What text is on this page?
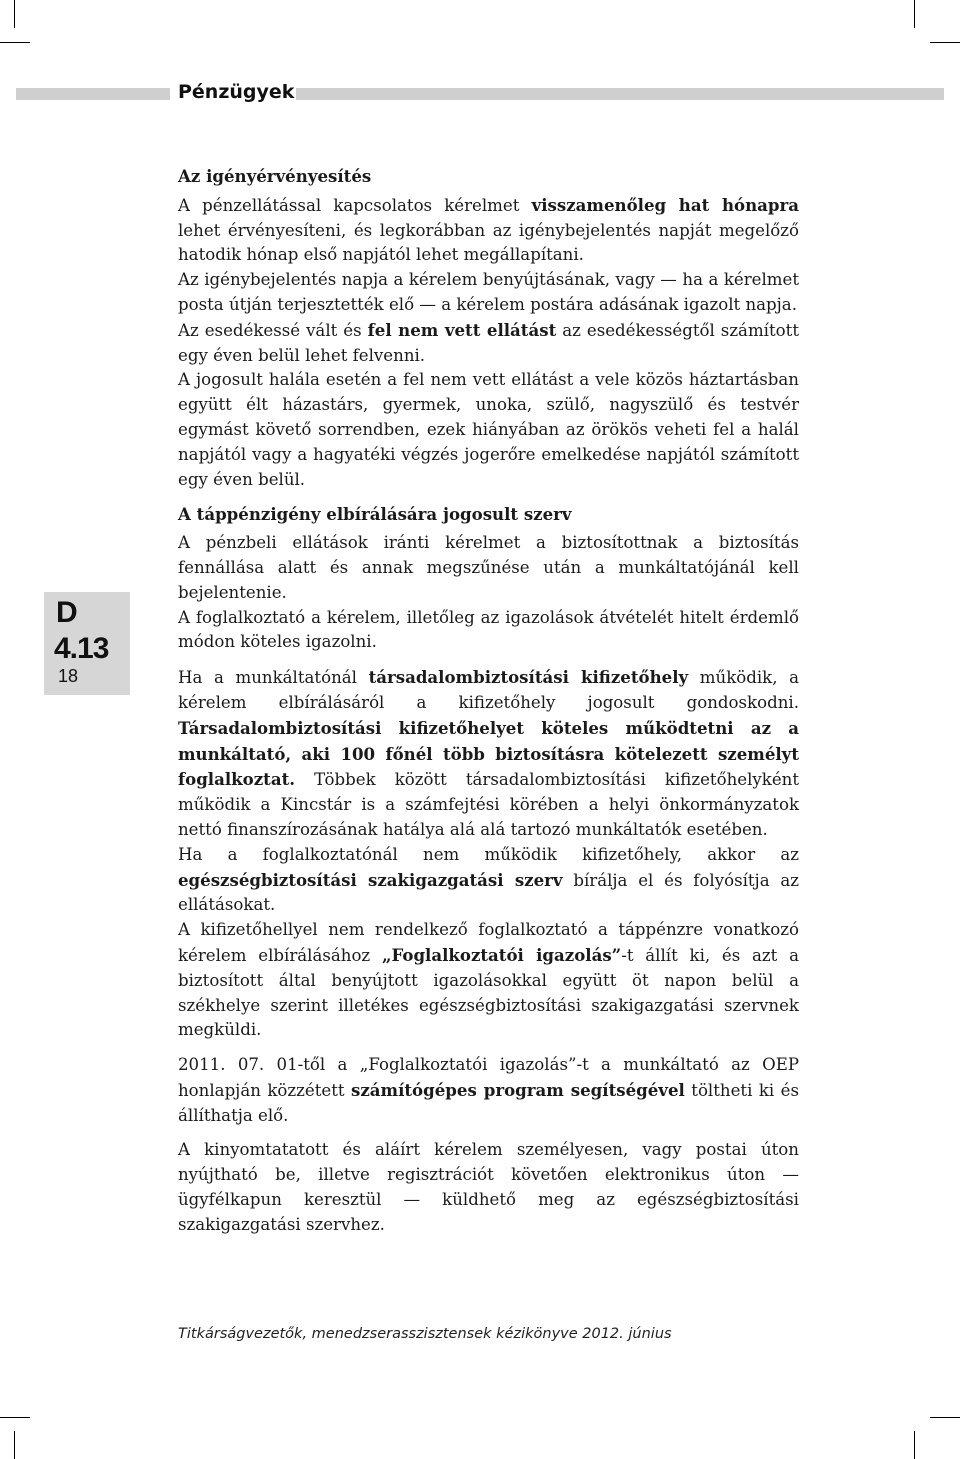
Pénzügyek
D
4.13
18
Az igényérvényesítés

A pénzellátással kapcsolatos kérelmet visszamenőleg hat hónapra lehet érvényesíteni, és legkorábban az igénybejelentés napját megelőző hatodik hónap első napjától lehet megállapítani.

Az igénybejelentés napja a kérelem benyújtásának, vagy — ha a kérelmet posta útján terjesztették elő — a kérelem postára adásának igazolt napja.

Az esedékessé vált és fel nem vett ellátást az esedékességtől számított egy éven belül lehet felvenni.

A jogosult halála esetén a fel nem vett ellátást a vele közös háztartásban együtt élt házastárs, gyermek, unoka, szülő, nagyszülő és testvér egymást követő sorrendben, ezek hiányában az örökös veheti fel a halál napjától vagy a hagyatéki végzés jogerőre emelkedése napjától számított egy éven belül.

A táppénzigény elbírálására jogosult szerv

A pénzbeli ellátások iránti kérelmet a biztosítottnak a biztosítás fennállása alatt és annak megszűnése után a munkáltatójánál kell bejelentenie.

A foglalkoztató a kérelem, illetőleg az igazolások átvételét hitelt érdemlő módon köteles igazolni.

Ha a munkáltatónál társadalombiztosítási kifizetőhely működik, a kérelem elbírálásáról a kifizetőhely jogosult gondoskodni. Társadalombiztosítási kifizetőhelyet köteles működtetni az a munkáltató, aki 100 főnél több biztosításra kötelezett személyt foglalkoztat. Többek között társadalombiztosítási kifizetőhelyként működik a Kincstár is a számfejtési körében a helyi önkormányzatok nettó finanszírozásának hatálya alá alá tartozó munkáltatók esetében.

Ha a foglalkoztatónál nem működik kifizetőhely, akkor az egészségbiztosítási szakigazgatási szerv bírálja el és folyósítja az ellátásokat.

A kifizetőhellyel nem rendelkező foglalkoztató a táppénzre vonatkozó kérelem elbírálásához „Foglalkoztatói igazolás”-t állít ki, és azt a biztosított által benyújtott igazolásokkal együtt öt napon belül a székhelye szerint illetékes egészségbiztosítási szakigazgatási szervnek megküldi.

2011. 07. 01-től a „Foglalkoztatói igazolás”-t a munkáltató az OEP honlapján közzétett számítógépes program segítségével töltheti ki és állíthatja elő.

A kinyomtatatott és aláírt kérelem személyesen, vagy postai úton nyújtható be, illetve regisztrációt követően elektronikus úton — ügyfélkapun keresztül — küldhető meg az egészségbiztosítási szakigazgatási szervhez.

Titkárságvezetők, menedzserasszisztensek kézikönyve 2012. június
